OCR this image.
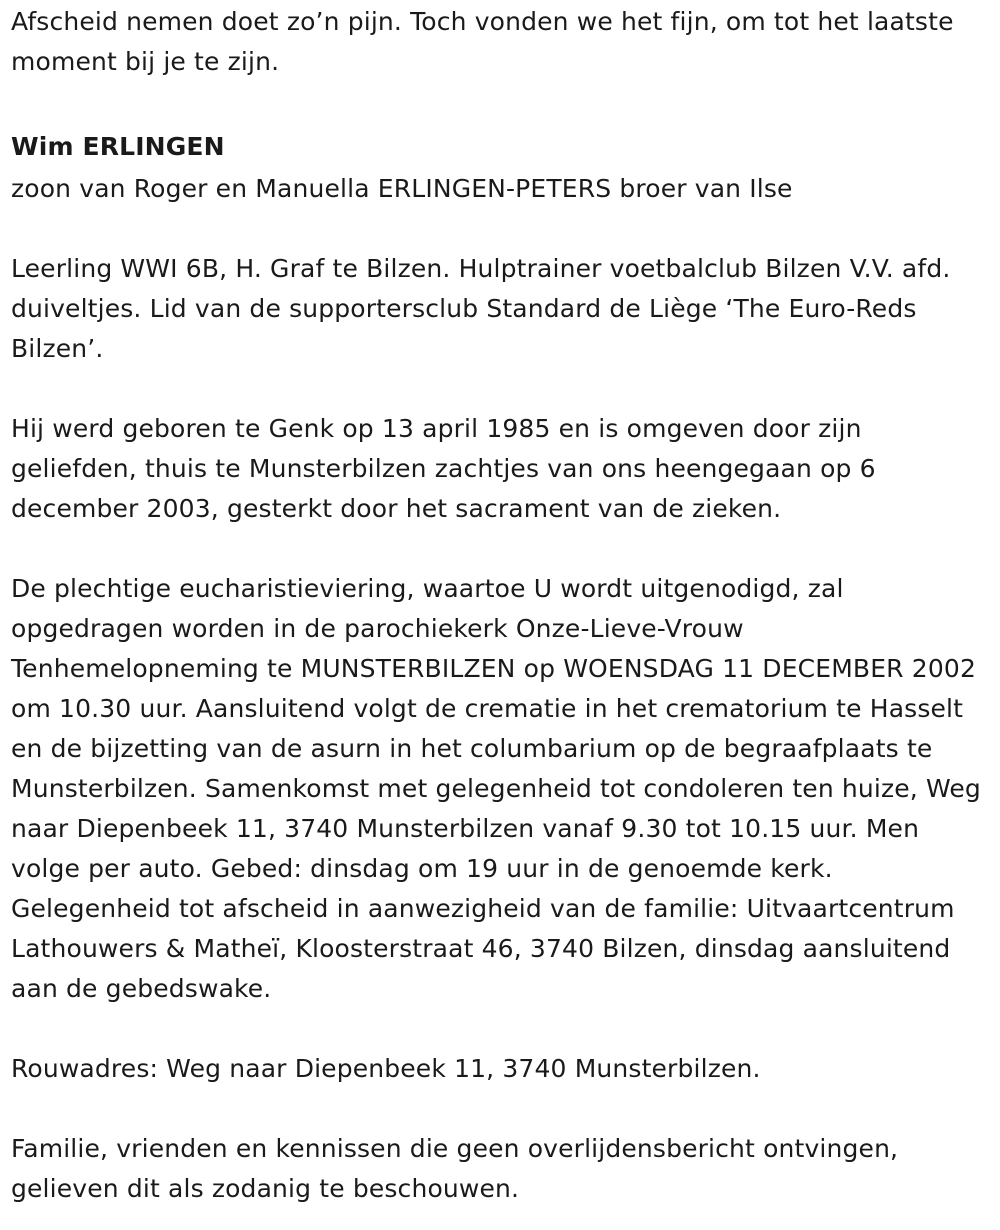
Afscheid nemen doet zo’n pijn. Toch vonden we het fijn, om tot het laatste moment bij je te zijn.

Wim ERLINGEN

zoon van Roger en Manuella ERLINGEN-PETERS broer van Ilse

Leerling WWI 6B, H. Graf te Bilzen. Hulptrainer voetbalclub Bilzen V.V. afd. duiveltjes. Lid van de supportersclub Standard de Liège ‘The Euro-Reds Bilzen’.

Hij werd geboren te Genk op 13 april 1985 en is omgeven door zijn geliefden, thuis te Munsterbilzen zachtjes van ons heengegaan op 6 december 2003, gesterkt door het sacrament van de zieken.

De plechtige eucharistieviering, waartoe U wordt uitgenodigd, zal opgedragen worden in de parochiekerk Onze-Lieve-Vrouw Tenhemelopneming te MUNSTERBILZEN op WOENSDAG 11 DECEMBER 2002 om 10.30 uur. Aansluitend volgt de crematie in het crematorium te Hasselt en de bijzetting van de asurn in het columbarium op de begraafplaats te Munsterbilzen. Samenkomst met gelegenheid tot condoleren ten huize, Weg naar Diepenbeek 11, 3740 Munsterbilzen vanaf 9.30 tot 10.15 uur. Men volge per auto. Gebed: dinsdag om 19 uur in de genoemde kerk. Gelegenheid tot afscheid in aanwezigheid van de familie: Uitvaartcentrum Lathouwers & Matheï, Kloosterstraat 46, 3740 Bilzen, dinsdag aansluitend aan de gebedswake.

Rouwadres: Weg naar Diepenbeek 11, 3740 Munsterbilzen.

Familie, vrienden en kennissen die geen overlijdensbericht ontvingen, gelieven dit als zodanig te beschouwen.
